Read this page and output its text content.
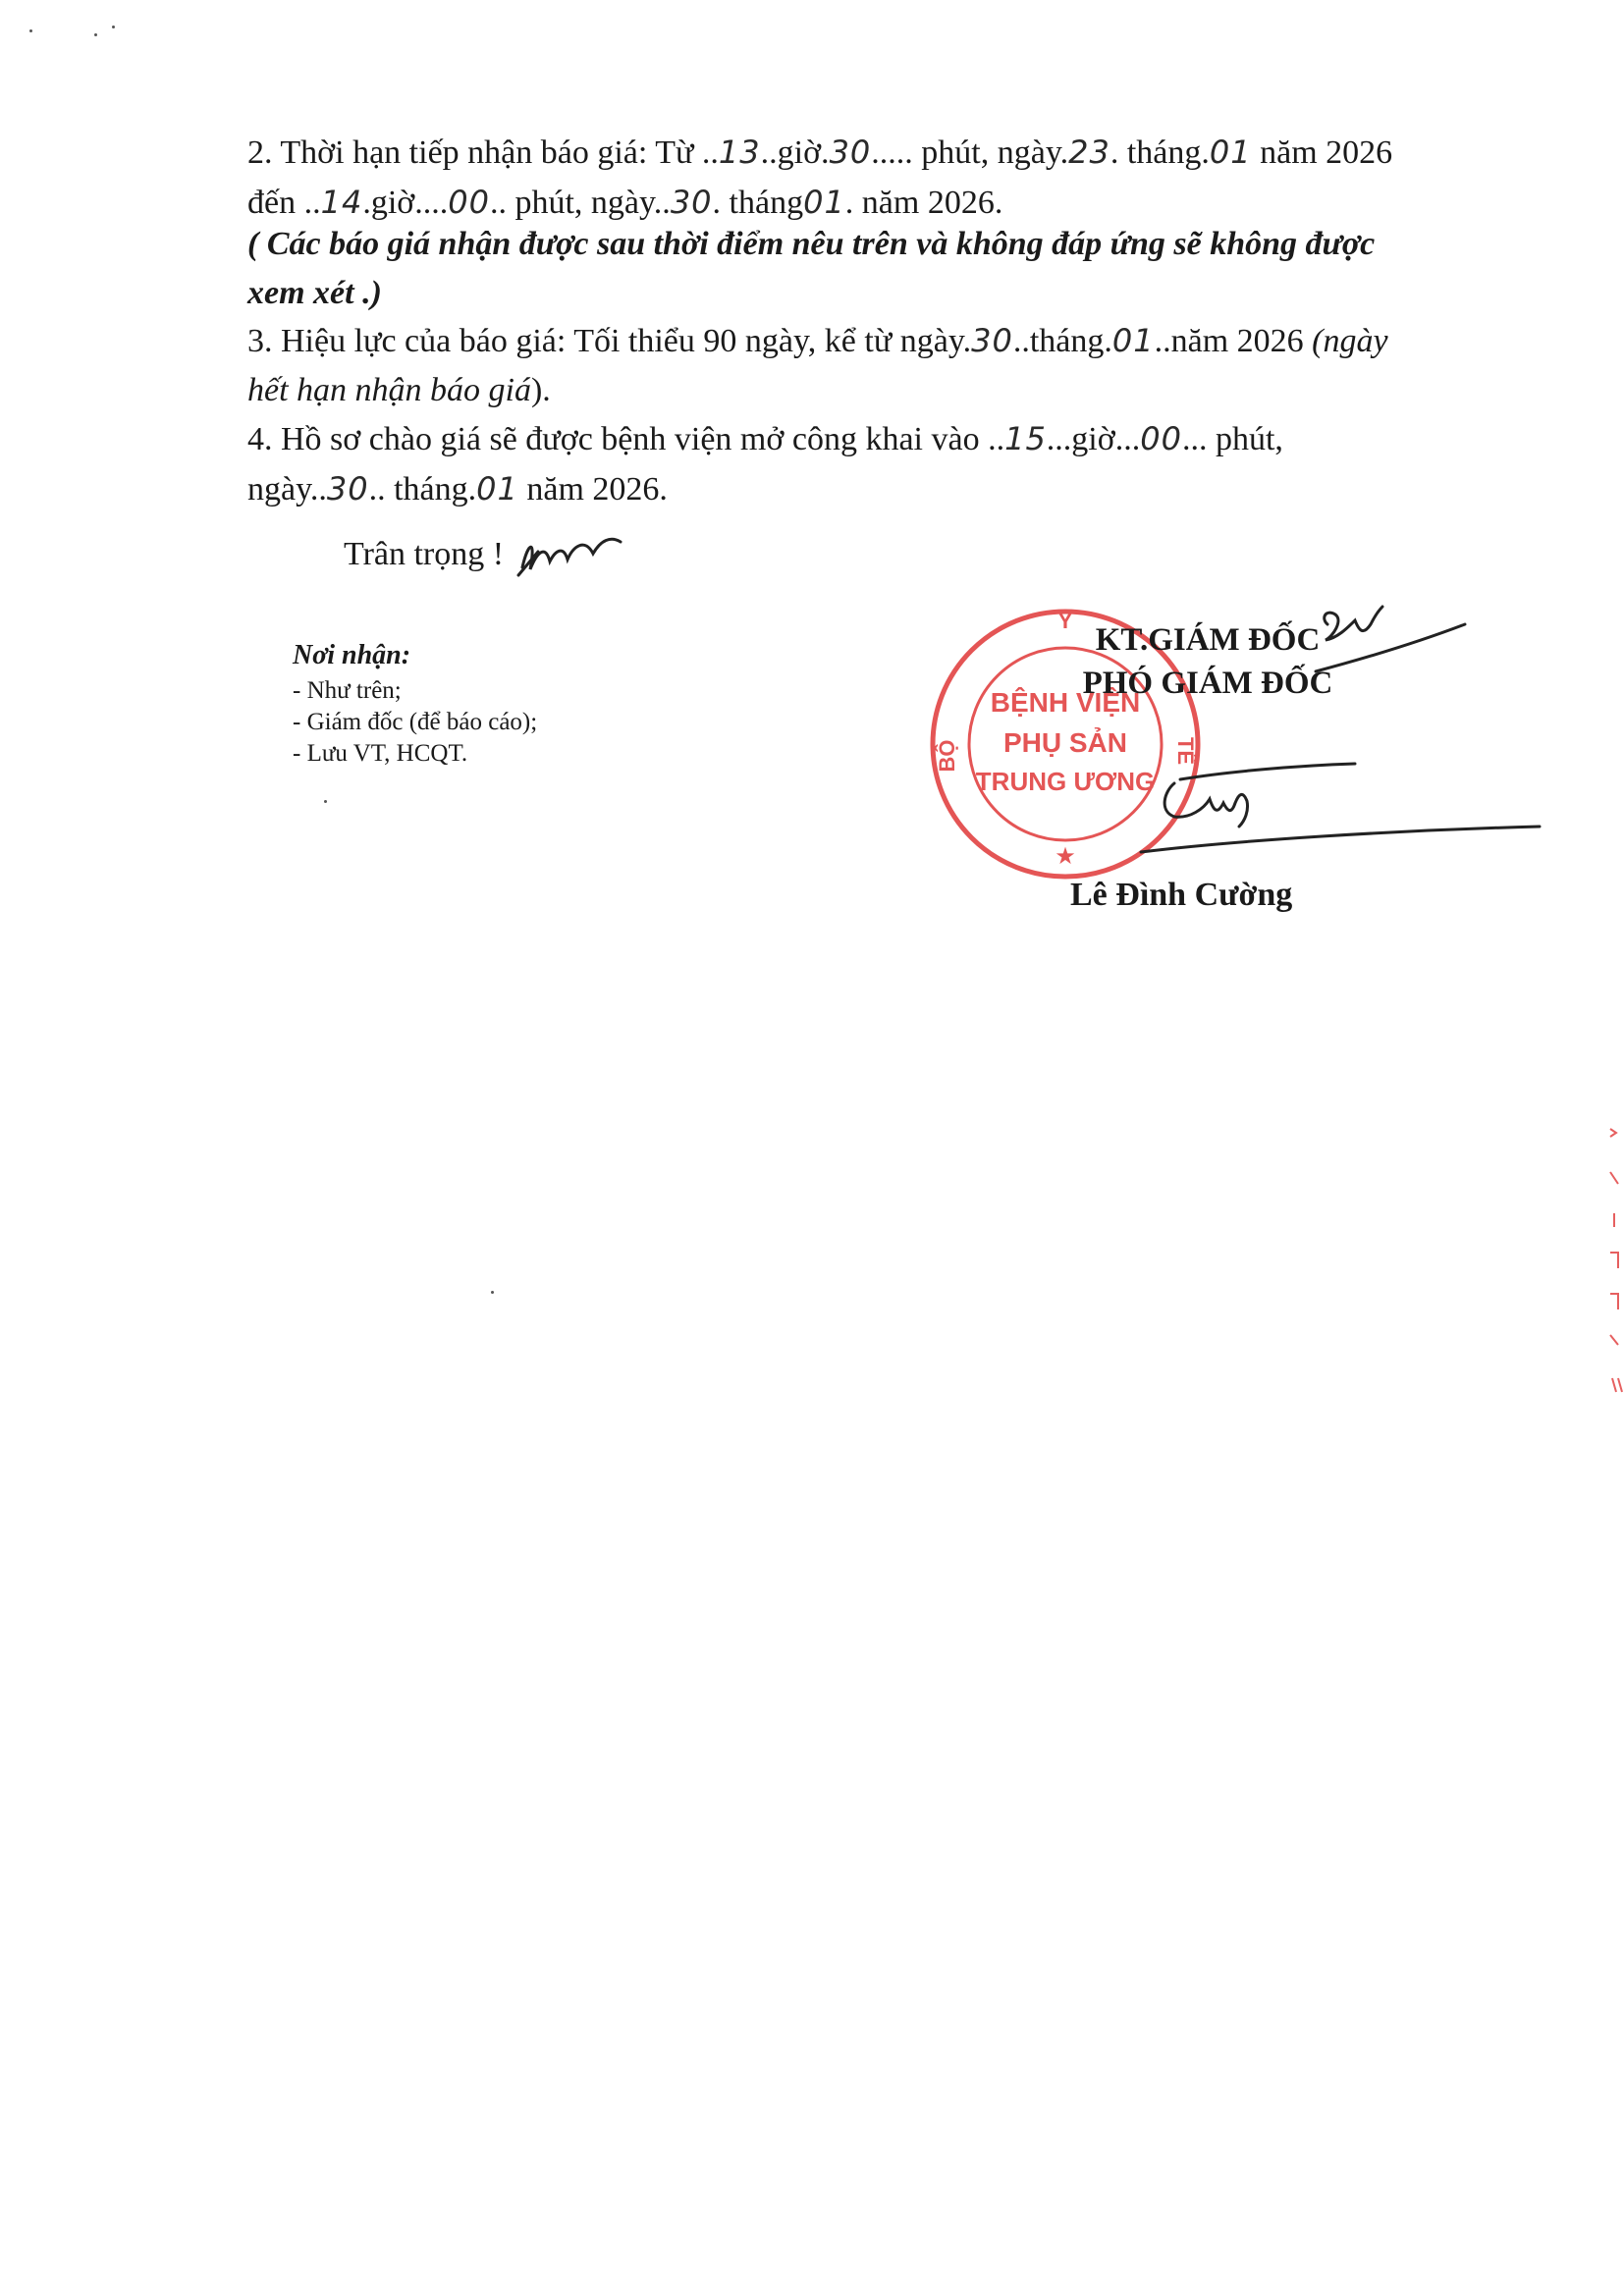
2. Thời hạn tiếp nhận báo giá: Từ ..13..giờ.30..... phút, ngày.23. tháng.01 năm 2026 đến ..14.giờ....00.. phút, ngày..30. tháng01. năm 2026.

( Các báo giá nhận được sau thời điểm nêu trên và không đáp ứng sẽ không được xem xét .)

3. Hiệu lực của báo giá: Tối thiểu 90 ngày, kể từ ngày.30..tháng.01..năm 2026 (ngày hết hạn nhận báo giá).

4. Hồ sơ chào giá sẽ được bệnh viện mở công khai vào ..15...giờ...00... phút, ngày..30.. tháng.01 năm 2026.

Trân trọng !
Nơi nhận:
- Như trên;
- Giám đốc (để báo cáo);
- Lưu VT, HCQT.
BỆNH VIỆN
PHỤ SẢN
TRUNG ƯƠNG
BỘ
Y
TẾ
★
KT.GIÁM ĐỐC
PHÓ GIÁM ĐỐC
Lê Đình Cường
